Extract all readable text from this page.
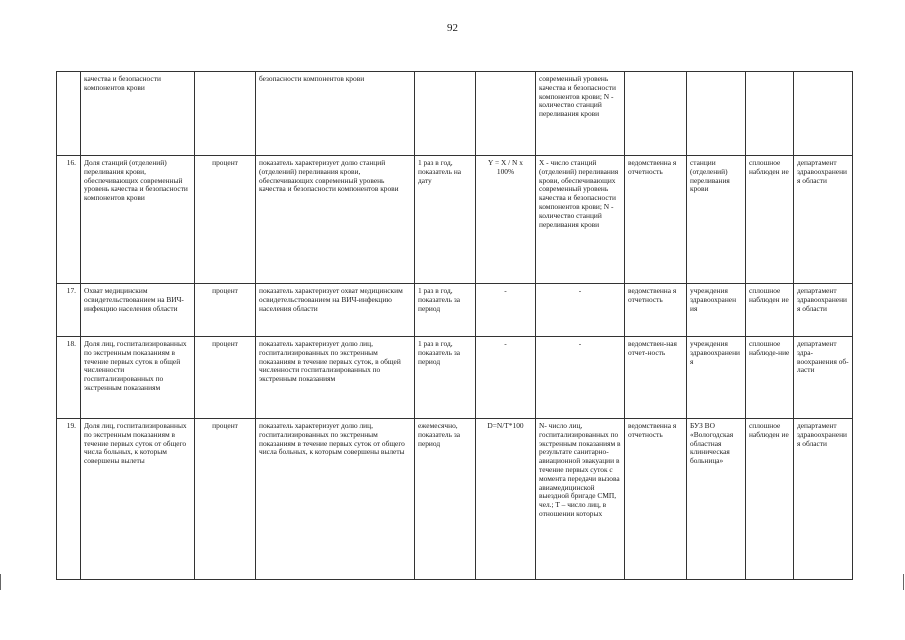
92
	качества и безопасности компонентов крови		безопасности компонентов крови			современный уровень качества и безопасности компонентов крови; N - количество станций переливания крови				
16.	Доля станций (отделений) переливания крови, обеспечивающих современный уровень качества и безопасности компонентов крови	процент	показатель характеризует долю станций (отделений) переливания крови, обеспечивающих современный уровень качества и безопасности компонентов крови	1 раз в год, показатель на дату	Y = X / N x 100%	X - число станций (отделений) переливания крови, обеспечивающих современный уровень качества и безопасности компонентов крови; N - количество станций переливания крови	ведомственна я отчетность	станции (отделений) переливания крови	сплошное наблюден ие	департамент здравоохранения области
17.	Охват медицинским освидетельствованием на ВИЧ-инфекцию населения области	процент	показатель характеризует охват медицинским освидетельствованием на ВИЧ-инфекцию населения области	1 раз в год, показатель за период	-	-	ведомственна я отчетность	учреждения здравоохранен ия	сплошное наблюден ие	департамент здравоохранения области
18.	Доля лиц, госпитализированных по экстренным показаниям в течение первых суток в общей численности госпитализированных по экстренным показаниям	процент	показатель характеризует долю лиц, госпитализированных по экстренным показаниям в течение первых суток, в общей численности госпитализированных по экстренным показаниям	1 раз в год, показатель за период	-	-	ведомствен-ная отчет-ность	учреждения здравоохранения	сплошное наблюде-ние	департамент здра-воохранения об-ласти
19.	Доля лиц, госпитализированных по экстренным показаниям в течение первых суток от общего числа больных, к которым совершены вылеты	процент	показатель характеризует долю лиц, госпитализированных по экстренным показаниям в течение первых суток от общего числа больных, к которым совершены вылеты	ежемесячно, показатель за период	D=N/T*100	N- число лиц, госпитализированных по экстренным показаниям в результате санитарно-авиационной эвакуации в течение первых суток с момента передачи вызова авиамедицинской выездной бригаде СМП, чел.; T – число лиц, в отношении которых	ведомственна я отчетность	БУЗ ВО «Вологодская областная клиническая больница»	сплошное наблюден ие	департамент здравоохранения области
